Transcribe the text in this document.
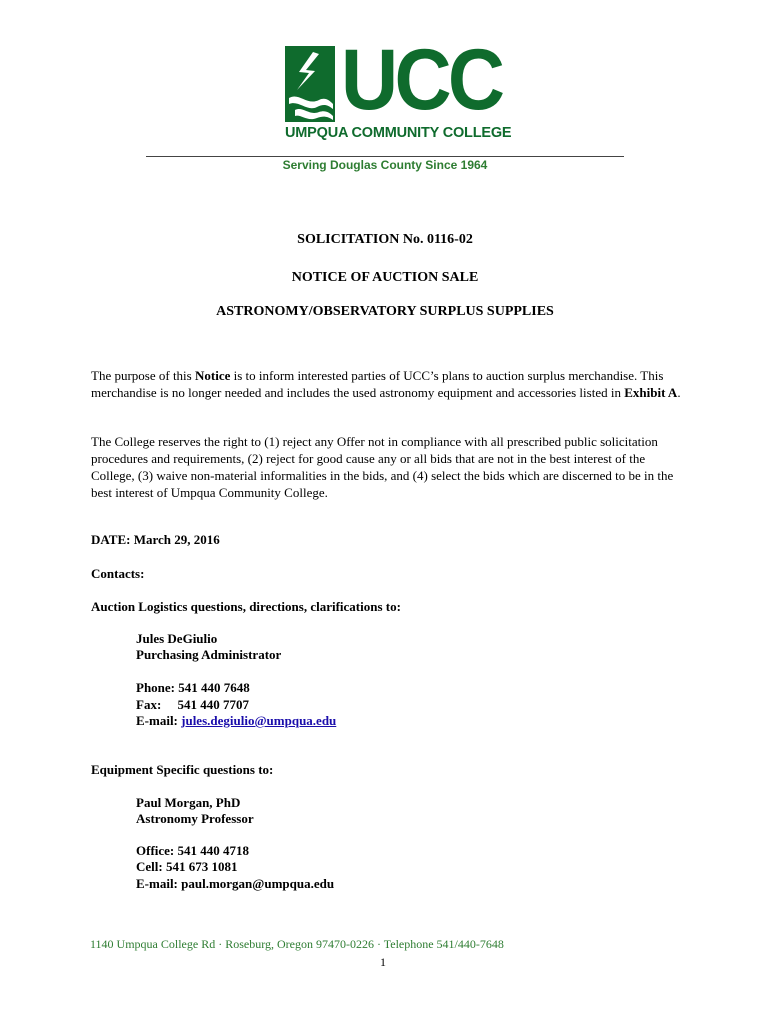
UCC
UMPQUA COMMUNITY COLLEGE
Serving Douglas County Since 1964
SOLICITATION No. 0116-02
NOTICE OF AUCTION SALE
ASTRONOMY/OBSERVATORY SURPLUS SUPPLIES
The purpose of this Notice is to inform interested parties of UCC’s plans to auction surplus merchandise. This merchandise is no longer needed and includes the used astronomy equipment and accessories listed in Exhibit A.
The College reserves the right to (1) reject any Offer not in compliance with all prescribed public solicitation procedures and requirements, (2) reject for good cause any or all bids that are not in the best interest of the College, (3) waive non-material informalities in the bids, and (4) select the bids which are discerned to be in the best interest of Umpqua Community College.
DATE: March 29, 2016
Contacts:
Auction Logistics questions, directions, clarifications to:
Jules DeGiulio
Purchasing Administrator
Phone: 541 440 7648
Fax:     541 440 7707
E-mail: jules.degiulio@umpqua.edu
Equipment Specific questions to:
Paul Morgan, PhD
Astronomy Professor
Office: 541 440 4718
Cell: 541 673 1081
E-mail: paul.morgan@umpqua.edu
1140 Umpqua College Rd · Roseburg, Oregon 97470-0226 · Telephone 541/440-7648
1
